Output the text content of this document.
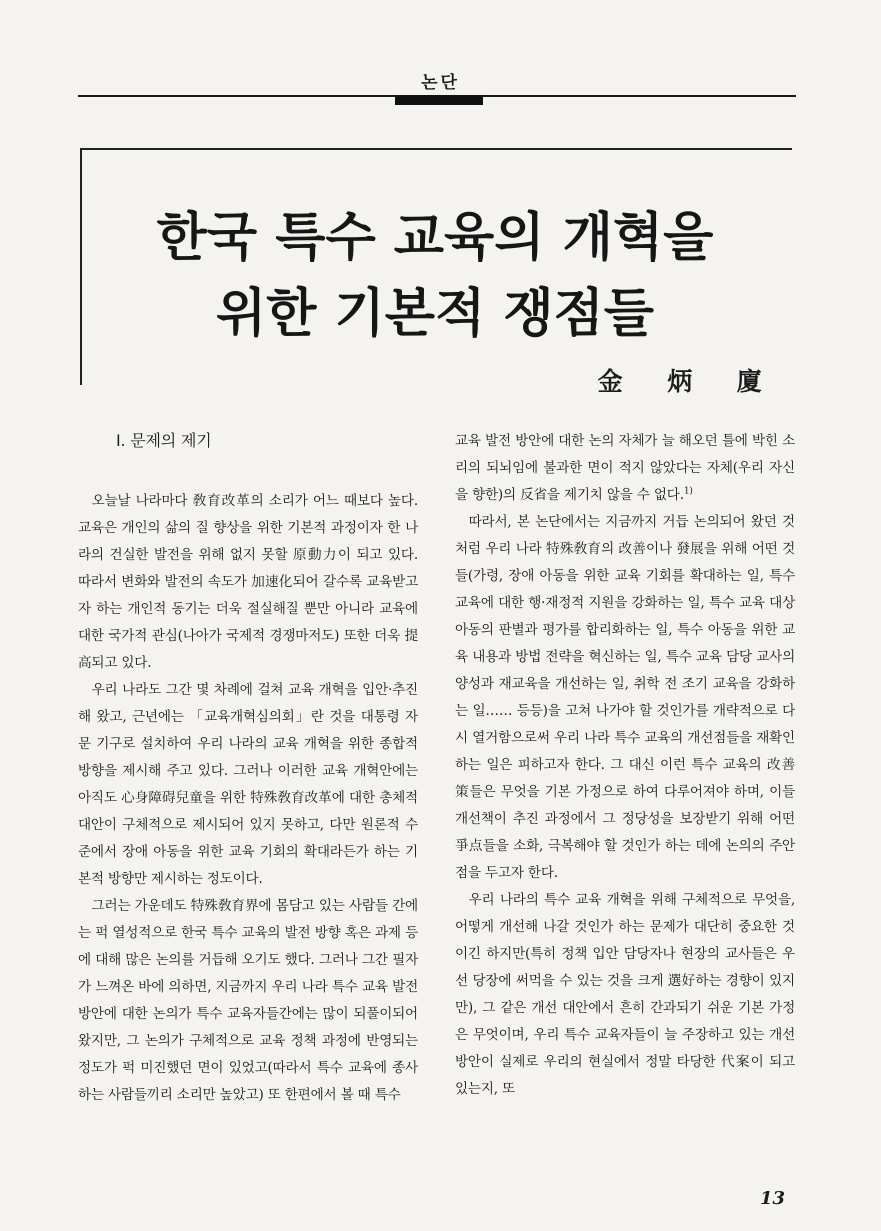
논단
한국 특수 교육의 개혁을
위한 기본적 쟁점들
金 炳 廈
Ⅰ. 문제의 제기

오늘날 나라마다 敎育改革의 소리가 어느 때보다 높다. 교육은 개인의 삶의 질 향상을 위한 기본적 과정이자 한 나라의 건실한 발전을 위해 없지 못할 原動力이 되고 있다. 따라서 변화와 발전의 속도가 加速化되어 갈수록 교육받고자 하는 개인적 동기는 더욱 절실해질 뿐만 아니라 교육에 대한 국가적 관심(나아가 국제적 경쟁마저도) 또한 더욱 提高되고 있다.

우리 나라도 그간 몇 차례에 걸쳐 교육 개혁을 입안·추진해 왔고, 근년에는 「교육개혁심의회」란 것을 대통령 자문 기구로 설치하여 우리 나라의 교육 개혁을 위한 종합적 방향을 제시해 주고 있다. 그러나 이러한 교육 개혁안에는 아직도 心身障碍兒童을 위한 特殊敎育改革에 대한 총체적 대안이 구체적으로 제시되어 있지 못하고, 다만 원론적 수준에서 장애 아동을 위한 교육 기회의 확대라든가 하는 기본적 방향만 제시하는 정도이다.

그러는 가운데도 特殊敎育界에 몸담고 있는 사람들 간에는 퍽 열성적으로 한국 특수 교육의 발전 방향 혹은 과제 등에 대해 많은 논의를 거듭해 오기도 했다. 그러나 그간 필자가 느껴온 바에 의하면, 지금까지 우리 나라 특수 교육 발전 방안에 대한 논의가 특수 교육자들간에는 많이 되풀이되어 왔지만, 그 논의가 구체적으로 교육 정책 과정에 반영되는 정도가 퍽 미진했던 면이 있었고(따라서 특수 교육에 종사하는 사람들끼리 소리만 높았고) 또 한편에서 볼 때 특수

교육 발전 방안에 대한 논의 자체가 늘 해오던 틀에 박힌 소리의 되뇌임에 불과한 면이 적지 않았다는 자체(우리 자신을 향한)의 反省을 제기치 않을 수 없다.$^{1)}$

따라서, 본 논단에서는 지금까지 거듭 논의되어 왔던 것처럼 우리 나라 特殊敎育의 改善이나 發展을 위해 어떤 것들(가령, 장애 아동을 위한 교육 기회를 확대하는 일, 특수 교육에 대한 행·재정적 지원을 강화하는 일, 특수 교육 대상 아동의 판별과 평가를 합리화하는 일, 특수 아동을 위한 교육 내용과 방법 전략을 혁신하는 일, 특수 교육 담당 교사의 양성과 재교육을 개선하는 일, 취학 전 조기 교육을 강화하는 일…… 등등)을 고쳐 나가야 할 것인가를 개략적으로 다시 열거함으로써 우리 나라 특수 교육의 개선점들을 재확인하는 일은 피하고자 한다. 그 대신 이런 특수 교육의 改善策들은 무엇을 기본 가정으로 하여 다루어져야 하며, 이들 개선책이 추진 과정에서 그 정당성을 보장받기 위해 어떤 爭点들을 소화, 극복해야 할 것인가 하는 데에 논의의 주안점을 두고자 한다.

우리 나라의 특수 교육 개혁을 위해 구체적으로 무엇을, 어떻게 개선해 나갈 것인가 하는 문제가 대단히 중요한 것이긴 하지만(특히 정책 입안 담당자나 현장의 교사들은 우선 당장에 써먹을 수 있는 것을 크게 選好하는 경향이 있지만), 그 같은 개선 대안에서 흔히 간과되기 쉬운 기본 가정은 무엇이며, 우리 특수 교육자들이 늘 주장하고 있는 개선 방안이 실제로 우리의 현실에서 정말 타당한 代案이 되고 있는지, 또

13
